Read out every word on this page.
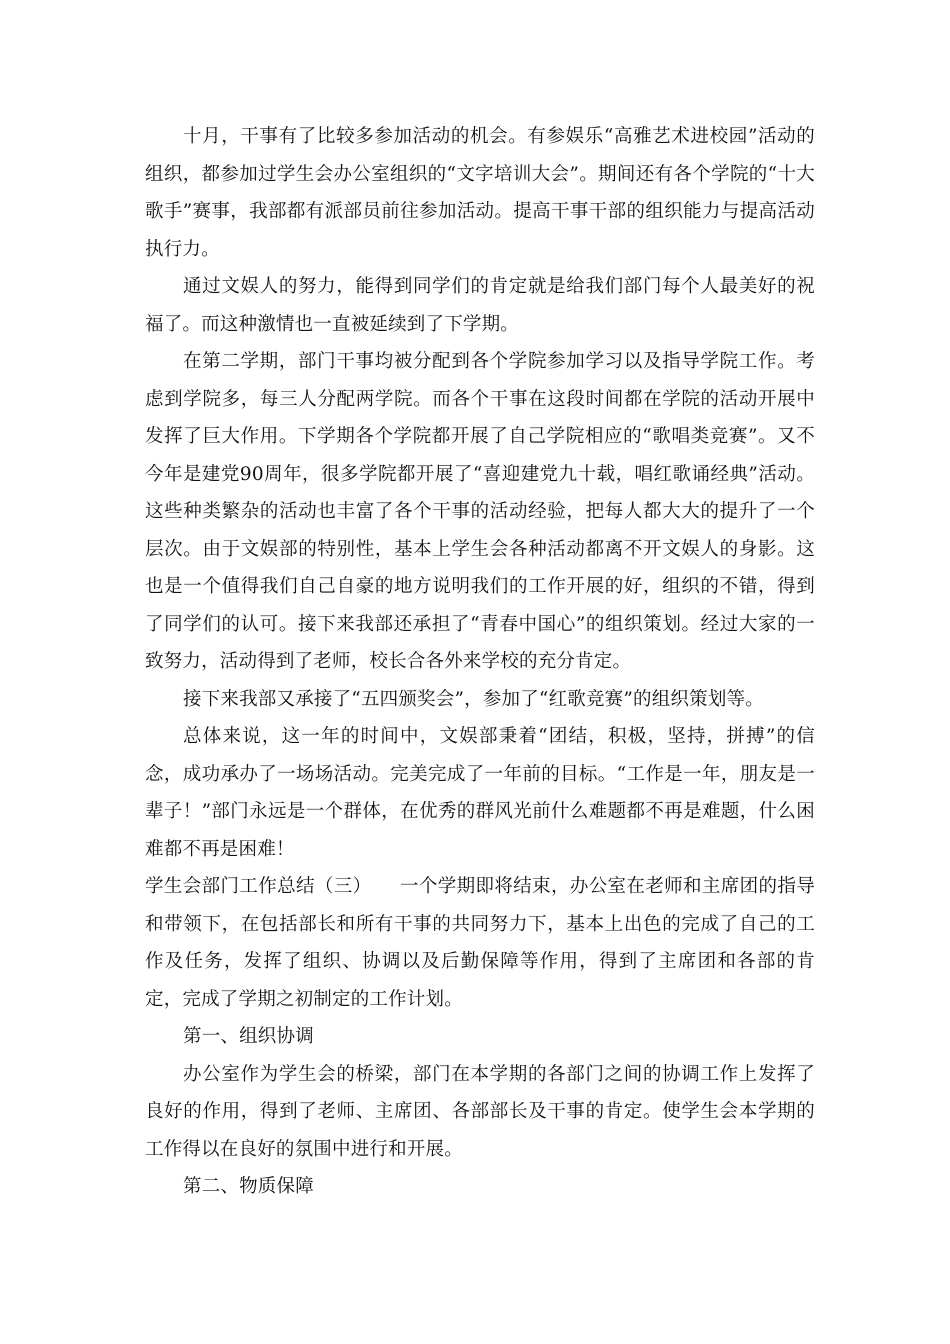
十月，干事有了比较多参加活动的机会。有参娱乐“高雅艺术进校园”活动的组织，都参加过学生会办公室组织的“文字培训大会”。期间还有各个学院的“十大歌手”赛事，我部都有派部员前往参加活动。提高干事干部的组织能力与提高活动执行力。

通过文娱人的努力，能得到同学们的肯定就是给我们部门每个人最美好的祝福了。而这种激情也一直被延续到了下学期。

在第二学期，部门干事均被分配到各个学院参加学习以及指导学院工作。考虑到学院多，每三人分配两学院。而各个干事在这段时间都在学院的活动开展中发挥了巨大作用。下学期各个学院都开展了自己学院相应的“歌唱类竞赛”。又不今年是建党90周年，很多学院都开展了“喜迎建党九十载，唱红歌诵经典”活动。这些种类繁杂的活动也丰富了各个干事的活动经验，把每人都大大的提升了一个层次。由于文娱部的特别性，基本上学生会各种活动都离不开文娱人的身影。这也是一个值得我们自己自豪的地方说明我们的工作开展的好，组织的不错，得到了同学们的认可。接下来我部还承担了“青春中国心”的组织策划。经过大家的一致努力，活动得到了老师，校长合各外来学校的充分肯定。

接下来我部又承接了“五四颁奖会”，参加了“红歌竞赛”的组织策划等。

总体来说，这一年的时间中，文娱部秉着“团结，积极，坚持，拼搏”的信念，成功承办了一场场活动。完美完成了一年前的目标。“工作是一年，朋友是一辈子！”部门永远是一个群体，在优秀的群风光前什么难题都不再是难题，什么困难都不再是困难！

学生会部门工作总结（三）　　一个学期即将结束，办公室在老师和主席团的指导和带领下，在包括部长和所有干事的共同努力下，基本上出色的完成了自己的工作及任务，发挥了组织、协调以及后勤保障等作用，得到了主席团和各部的肯定，完成了学期之初制定的工作计划。

第一、组织协调

办公室作为学生会的桥梁，部门在本学期的各部门之间的协调工作上发挥了良好的作用，得到了老师、主席团、各部部长及干事的肯定。使学生会本学期的工作得以在良好的氛围中进行和开展。

第二、物质保障
